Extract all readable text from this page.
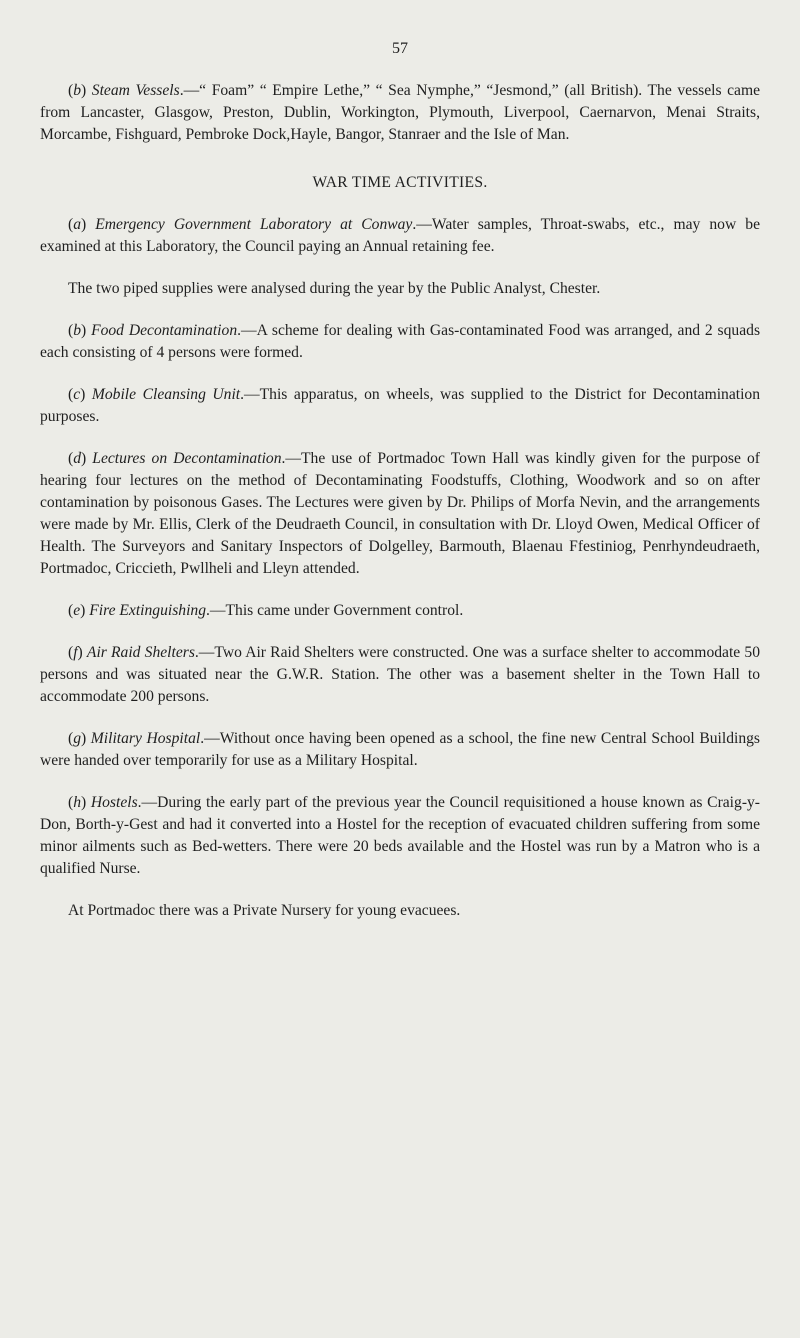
57

(b) Steam Vessels.—“ Foam” “ Empire Lethe,” “ Sea Nymphe,” “Jesmond,” (all British). The vessels came from Lancaster, Glasgow, Preston, Dublin, Workington, Plymouth, Liverpool, Caernarvon, Menai Straits, Morcambe, Fishguard, Pembroke Dock,Hayle, Bangor, Stanraer and the Isle of Man.

WAR TIME ACTIVITIES.

(a) Emergency Government Laboratory at Conway.—Water samples, Throat-swabs, etc., may now be examined at this Laboratory, the Council paying an Annual retaining fee.

The two piped supplies were analysed during the year by the Public Analyst, Chester.

(b) Food Decontamination.—A scheme for dealing with Gas-contaminated Food was arranged, and 2 squads each consisting of 4 persons were formed.

(c) Mobile Cleansing Unit.—This apparatus, on wheels, was supplied to the District for Decontamination purposes.

(d) Lectures on Decontamination.—The use of Portmadoc Town Hall was kindly given for the purpose of hearing four lectures on the method of Decontaminating Foodstuffs, Clothing, Woodwork and so on after contamination by poisonous Gases. The Lectures were given by Dr. Philips of Morfa Nevin, and the arrangements were made by Mr. Ellis, Clerk of the Deudraeth Council, in consultation with Dr. Lloyd Owen, Medical Officer of Health. The Surveyors and Sanitary Inspectors of Dolgelley, Barmouth, Blaenau Ffestiniog, Penrhyndeudraeth, Portmadoc, Criccieth, Pwllheli and Lleyn attended.

(e) Fire Extinguishing.—This came under Government control.

(f) Air Raid Shelters.—Two Air Raid Shelters were constructed. One was a surface shelter to accommodate 50 persons and was situated near the G.W.R. Station. The other was a basement shelter in the Town Hall to accommodate 200 persons.

(g) Military Hospital.—Without once having been opened as a school, the fine new Central School Buildings were handed over temporarily for use as a Military Hospital.

(h) Hostels.—During the early part of the previous year the Council requisitioned a house known as Craig-y-Don, Borth-y-Gest and had it converted into a Hostel for the reception of evacuated children suffering from some minor ailments such as Bed-wetters. There were 20 beds available and the Hostel was run by a Matron who is a qualified Nurse.

At Portmadoc there was a Private Nursery for young evacuees.
